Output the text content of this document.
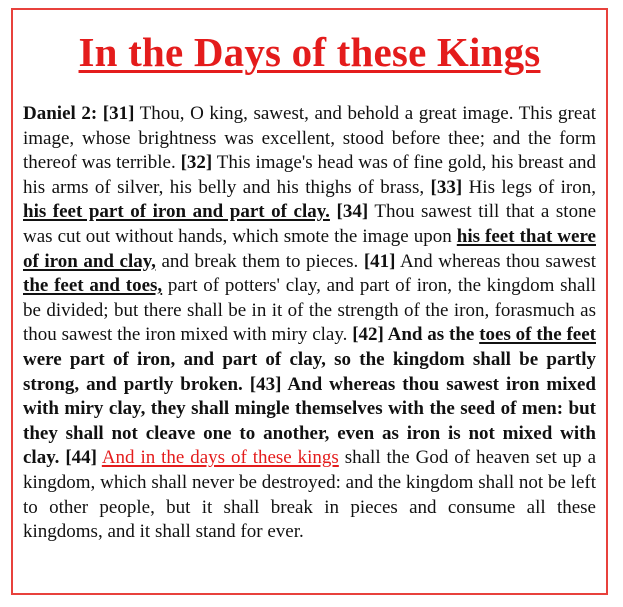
In the Days of these Kings
Daniel 2: [31] Thou, O king, sawest, and behold a great image. This great image, whose brightness was excellent, stood before thee; and the form thereof was terrible. [32] This image's head was of fine gold, his breast and his arms of silver, his belly and his thighs of brass, [33] His legs of iron, his feet part of iron and part of clay. [34] Thou sawest till that a stone was cut out without hands, which smote the image upon his feet that were of iron and clay, and break them to pieces. [41] And whereas thou sawest the feet and toes, part of potters' clay, and part of iron, the kingdom shall be divided; but there shall be in it of the strength of the iron, forasmuch as thou sawest the iron mixed with miry clay. [42] And as the toes of the feet were part of iron, and part of clay, so the kingdom shall be partly strong, and partly broken. [43] And whereas thou sawest iron mixed with miry clay, they shall mingle themselves with the seed of men: but they shall not cleave one to another, even as iron is not mixed with clay. [44] And in the days of these kings shall the God of heaven set up a kingdom, which shall never be destroyed: and the kingdom shall not be left to other people, but it shall break in pieces and consume all these kingdoms, and it shall stand for ever.
